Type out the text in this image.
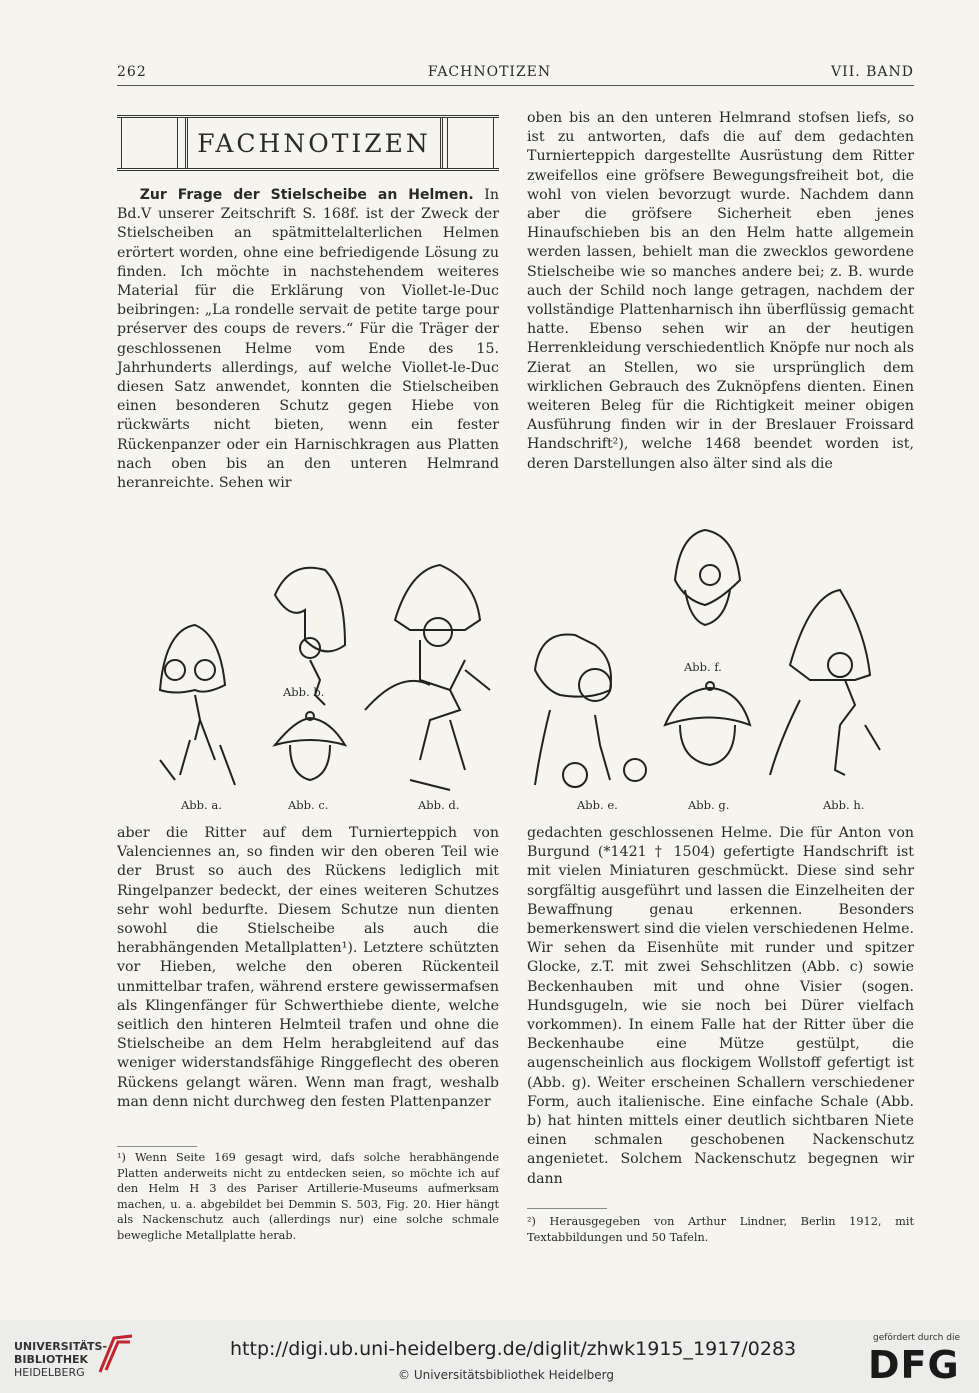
262	FACHNOTIZEN	VII. BAND
FACHNOTIZEN

Zur Frage der Stielscheibe an Helmen. In Bd.V unserer Zeitschrift S. 168f. ist der Zweck der Stielscheiben an spätmittelalterlichen Helmen erörtert worden, ohne eine befriedigende Lösung zu finden. Ich möchte in nachstehendem weiteres Material für die Erklärung von Viollet-le-Duc beibringen: „La rondelle servait de petite targe pour préserver des coups de revers.“ Für die Träger der geschlossenen Helme vom Ende des 15. Jahrhunderts allerdings, auf welche Viollet-le-Duc diesen Satz anwendet, konnten die Stielscheiben einen besonderen Schutz gegen Hiebe von rückwärts nicht bieten, wenn ein fester Rückenpanzer oder ein Harnischkragen aus Platten nach oben bis an den unteren Helmrand heranreichte. Sehen wir

oben bis an den unteren Helmrand stofsen liefs, so ist zu antworten, dafs die auf dem gedachten Turnierteppich dargestellte Ausrüstung dem Ritter zweifellos eine gröfsere Bewegungsfreiheit bot, die wohl von vielen bevorzugt wurde. Nachdem dann aber die gröfsere Sicherheit eben jenes Hinaufschieben bis an den Helm hatte allgemein werden lassen, behielt man die zwecklos gewordene Stielscheibe wie so manches andere bei; z. B. wurde auch der Schild noch lange getragen, nachdem der vollständige Plattenharnisch ihn überflüssig gemacht hatte. Ebenso sehen wir an der heutigen Herrenkleidung verschiedentlich Knöpfe nur noch als Zierat an Stellen, wo sie ursprünglich dem wirklichen Gebrauch des Zuknöpfens dienten. Einen weiteren Beleg für die Richtigkeit meiner obigen Ausführung finden wir in der Breslauer Froissard Handschrift²), welche 1468 beendet worden ist, deren Darstellungen also älter sind als die

Abb. a.
Abb. b.
Abb. c.	Abb. d.	Abb. e.
Abb. f.
Abb. g.	Abb. h.

aber die Ritter auf dem Turnierteppich von Valenciennes an, so finden wir den oberen Teil wie der Brust so auch des Rückens lediglich mit Ringelpanzer bedeckt, der eines weiteren Schutzes sehr wohl bedurfte. Diesem Schutze nun dienten sowohl die Stielscheibe als auch die herabhängenden Metallplatten¹). Letztere schützten vor Hieben, welche den oberen Rückenteil unmittelbar trafen, während erstere gewissermafsen als Klingenfänger für Schwerthiebe diente, welche seitlich den hinteren Helmteil trafen und ohne die Stielscheibe an dem Helm herabgleitend auf das weniger widerstandsfähige Ringgeflecht des oberen Rückens gelangt wären. Wenn man fragt, weshalb man denn nicht durchweg den festen Plattenpanzer

¹) Wenn Seite 169 gesagt wird, dafs solche herabhängende Platten anderweits nicht zu entdecken seien, so möchte ich auf den Helm H 3 des Pariser Artillerie-Museums aufmerksam machen, u. a. abgebildet bei Demmin S. 503, Fig. 20. Hier hängt als Nackenschutz auch (allerdings nur) eine solche schmale bewegliche Metallplatte herab.

gedachten geschlossenen Helme. Die für Anton von Burgund (*1421 † 1504) gefertigte Handschrift ist mit vielen Miniaturen geschmückt. Diese sind sehr sorgfältig ausgeführt und lassen die Einzelheiten der Bewaffnung genau erkennen. Besonders bemerkenswert sind die vielen verschiedenen Helme. Wir sehen da Eisenhüte mit runder und spitzer Glocke, z.T. mit zwei Sehschlitzen (Abb. c) sowie Beckenhauben mit und ohne Visier (sogen. Hundsgugeln, wie sie noch bei Dürer vielfach vorkommen). In einem Falle hat der Ritter über die Beckenhaube eine Mütze gestülpt, die augenscheinlich aus flockigem Wollstoff gefertigt ist (Abb. g). Weiter erscheinen Schallern verschiedener Form, auch italienische. Eine einfache Schale (Abb. b) hat hinten mittels einer deutlich sichtbaren Niete einen schmalen geschobenen Nackenschutz angenietet. Solchem Nackenschutz begegnen wir dann

²) Herausgegeben von Arthur Lindner, Berlin 1912, mit Textabbildungen und 50 Tafeln.
UNIVERSITÄTS-
BIBLIOTHEK
HEIDELBERG
http://digi.ub.uni-heidelberg.de/diglit/zhwk1915_1917/0283
© Universitätsbibliothek Heidelberg
gefördert durch die
DFG
